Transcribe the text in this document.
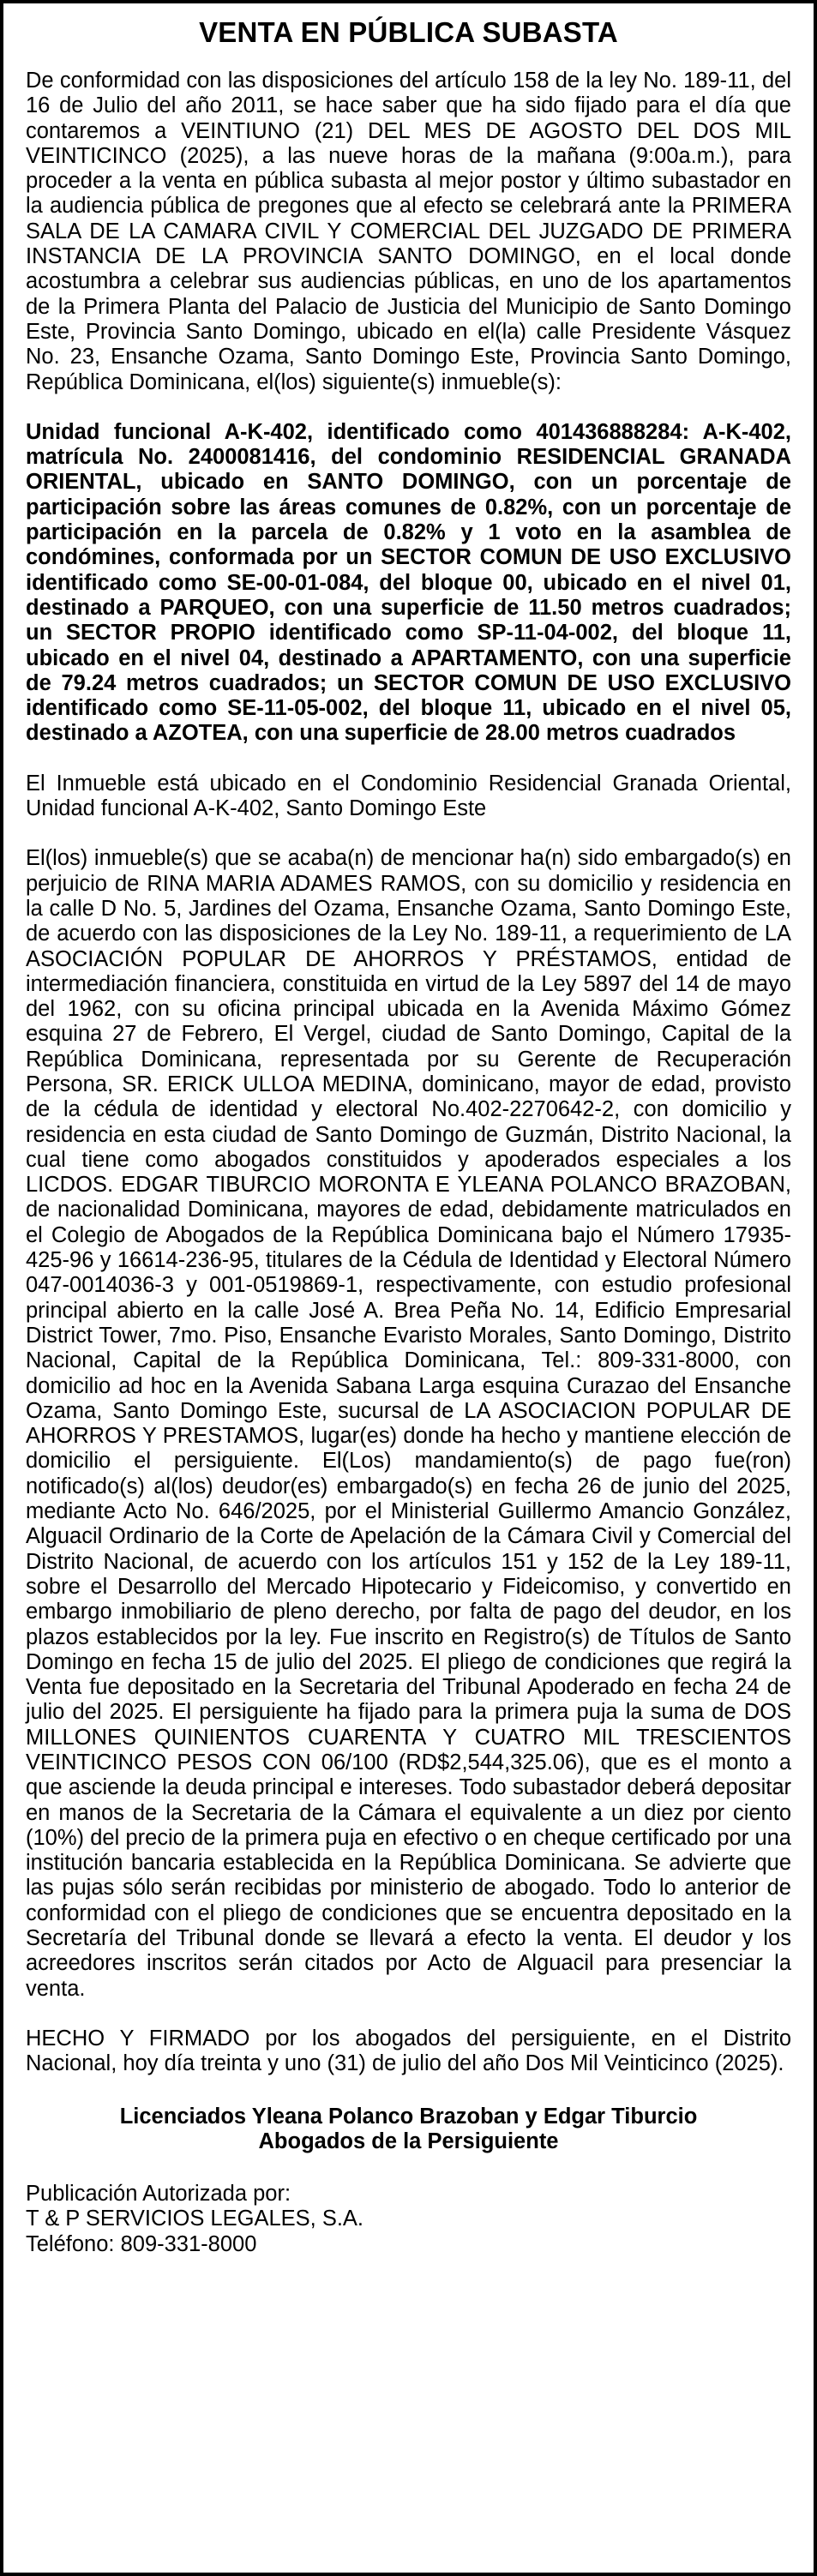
VENTA EN PÚBLICA SUBASTA

De conformidad con las disposiciones del artículo 158 de la ley No. 189-11, del 16 de Julio del año 2011, se hace saber que ha sido fijado para el día que contaremos a VEINTIUNO (21) DEL MES DE AGOSTO DEL DOS MIL VEINTICINCO (2025), a las nueve horas de la mañana (9:00a.m.), para proceder a la venta en pública subasta al mejor postor y último subastador en la audiencia pública de pregones que al efecto se celebrará ante la PRIMERA SALA DE LA CAMARA CIVIL Y COMERCIAL DEL JUZGADO DE PRIMERA INSTANCIA DE LA PROVINCIA SANTO DOMINGO, en el local donde acostumbra a celebrar sus audiencias públicas, en uno de los apartamentos de la Primera Planta del Palacio de Justicia del Municipio de Santo Domingo Este, Provincia Santo Domingo, ubicado en el(la) calle Presidente Vásquez No. 23, Ensanche Ozama, Santo Domingo Este, Provincia Santo Domingo, República Dominicana, el(los) siguiente(s) inmueble(s):

Unidad funcional A-K-402, identificado como 401436888284: A-K-402, matrícula No. 2400081416, del condominio RESIDENCIAL GRANADA ORIENTAL, ubicado en SANTO DOMINGO, con un porcentaje de participación sobre las áreas comunes de 0.82%, con un porcentaje de participación en la parcela de 0.82% y 1 voto en la asamblea de condómines, conformada por un SECTOR COMUN DE USO EXCLUSIVO identificado como SE-00-01-084, del bloque 00, ubicado en el nivel 01, destinado a PARQUEO, con una superficie de 11.50 metros cuadrados; un SECTOR PROPIO identificado como SP-11-04-002, del bloque 11, ubicado en el nivel 04, destinado a APARTAMENTO, con una superficie de 79.24 metros cuadrados; un SECTOR COMUN DE USO EXCLUSIVO identificado como SE-11-05-002, del bloque 11, ubicado en el nivel 05, destinado a AZOTEA, con una superficie de 28.00 metros cuadrados

El Inmueble está ubicado en el Condominio Residencial Granada Oriental, Unidad funcional A-K-402, Santo Domingo Este

El(los) inmueble(s) que se acaba(n) de mencionar ha(n) sido embargado(s) en perjuicio de RINA MARIA ADAMES RAMOS, con su domicilio y residencia en la calle D No. 5, Jardines del Ozama, Ensanche Ozama, Santo Domingo Este, de acuerdo con las disposiciones de la Ley No. 189-11, a requerimiento de LA ASOCIACIÓN POPULAR DE AHORROS Y PRÉSTAMOS, entidad de intermediación financiera, constituida en virtud de la Ley 5897 del 14 de mayo del 1962, con su oficina principal ubicada en la Avenida Máximo Gómez esquina 27 de Febrero, El Vergel, ciudad de Santo Domingo, Capital de la República Dominicana, representada por su Gerente de Recuperación Persona, SR. ERICK ULLOA MEDINA, dominicano, mayor de edad, provisto de la cédula de identidad y electoral No.402-2270642-2, con domicilio y residencia en esta ciudad de Santo Domingo de Guzmán, Distrito Nacional, la cual tiene como abogados constituidos y apoderados especiales a los LICDOS. EDGAR TIBURCIO MORONTA E YLEANA POLANCO BRAZOBAN, de nacionalidad Dominicana, mayores de edad, debidamente matriculados en el Colegio de Abogados de la República Dominicana bajo el Número 17935-425-96 y 16614-236-95, titulares de la Cédula de Identidad y Electoral Número 047-0014036-3 y 001-0519869-1, respectivamente, con estudio profesional principal abierto en la calle José A. Brea Peña No. 14, Edificio Empresarial District Tower, 7mo. Piso, Ensanche Evaristo Morales, Santo Domingo, Distrito Nacional, Capital de la República Dominicana, Tel.: 809-331-8000, con domicilio ad hoc en la Avenida Sabana Larga esquina Curazao del Ensanche Ozama, Santo Domingo Este, sucursal de LA ASOCIACION POPULAR DE AHORROS Y PRESTAMOS, lugar(es) donde ha hecho y mantiene elección de domicilio el persiguiente. El(Los) mandamiento(s) de pago fue(ron) notificado(s) al(los) deudor(es) embargado(s) en fecha 26 de junio del 2025, mediante Acto No. 646/2025, por el Ministerial Guillermo Amancio González, Alguacil Ordinario de la Corte de Apelación de la Cámara Civil y Comercial del Distrito Nacional, de acuerdo con los artículos 151 y 152 de la Ley 189-11, sobre el Desarrollo del Mercado Hipotecario y Fideicomiso, y convertido en embargo inmobiliario de pleno derecho, por falta de pago del deudor, en los plazos establecidos por la ley. Fue inscrito en Registro(s) de Títulos de Santo Domingo en fecha 15 de julio del 2025. El pliego de condiciones que regirá la Venta fue depositado en la Secretaria del Tribunal Apoderado en fecha 24 de julio del 2025. El persiguiente ha fijado para la primera puja la suma de DOS MILLONES QUINIENTOS CUARENTA Y CUATRO MIL TRESCIENTOS VEINTICINCO PESOS CON 06/100 (RD$2,544,325.06), que es el monto a que asciende la deuda principal e intereses. Todo subastador deberá depositar en manos de la Secretaria de la Cámara el equivalente a un diez por ciento (10%) del precio de la primera puja en efectivo o en cheque certificado por una institución bancaria establecida en la República Dominicana. Se advierte que las pujas sólo serán recibidas por ministerio de abogado. Todo lo anterior de conformidad con el pliego de condiciones que se encuentra depositado en la Secretaría del Tribunal donde se llevará a efecto la venta. El deudor y los acreedores inscritos serán citados por Acto de Alguacil para presenciar la venta.

HECHO Y FIRMADO por los abogados del persiguiente, en el Distrito Nacional, hoy día treinta y uno (31) de julio del año Dos Mil Veinticinco (2025).

Licenciados Yleana Polanco Brazoban y Edgar Tiburcio
Abogados de la Persiguiente
Publicación Autorizada por:
T & P SERVICIOS LEGALES, S.A.
Teléfono: 809-331-8000
